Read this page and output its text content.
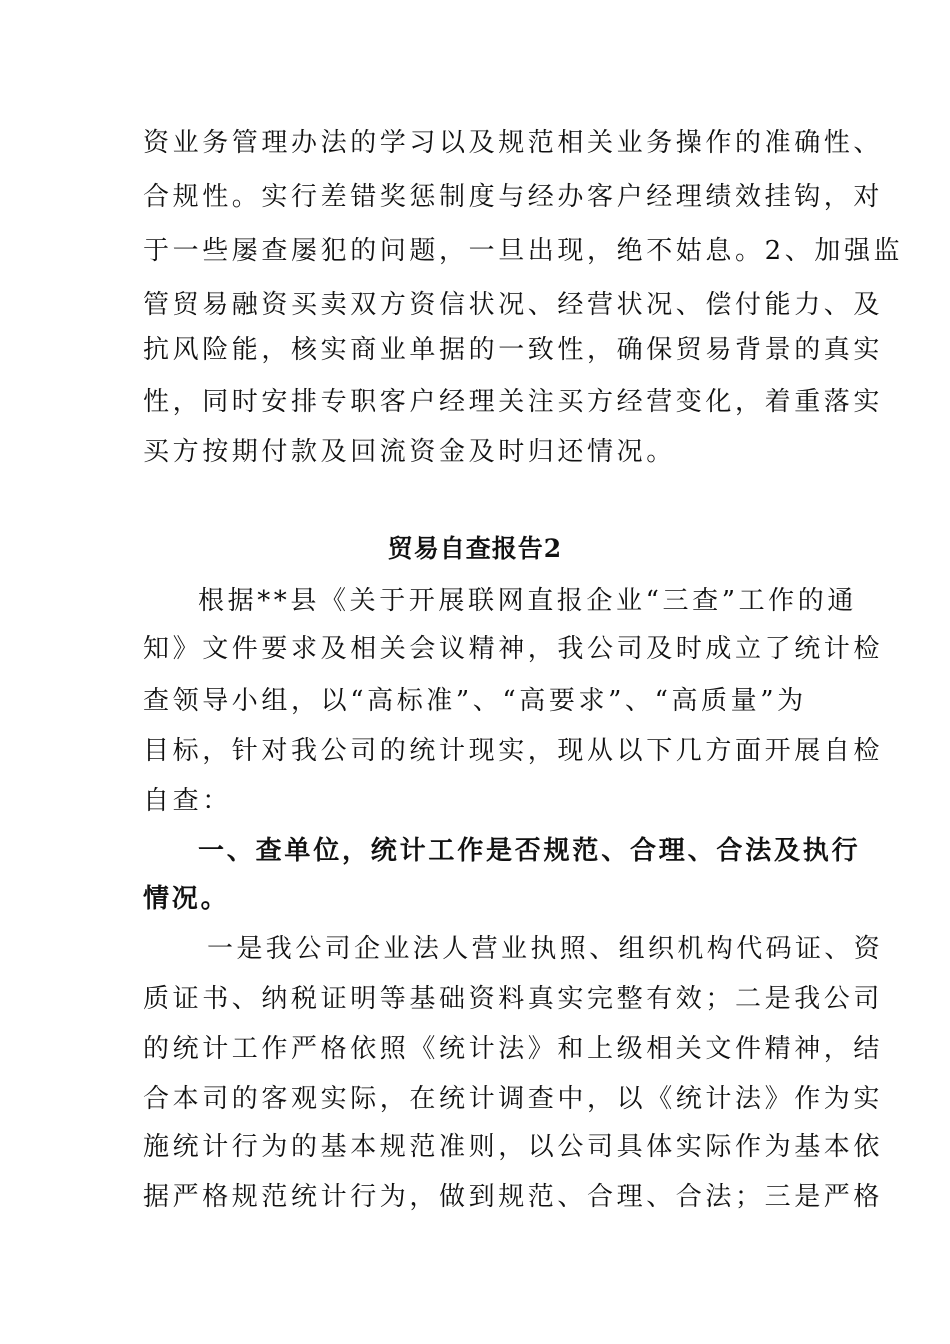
资业务管理办法的学习以及规范相关业务操作的准确性、
合规性。实行差错奖惩制度与经办客户经理绩效挂钩，对
于一些屡查屡犯的问题，一旦出现，绝不姑息。2、加强监
管贸易融资买卖双方资信状况、经营状况、偿付能力、及
抗风险能，核实商业单据的一致性，确保贸易背景的真实
性，同时安排专职客户经理关注买方经营变化，着重落实
买方按期付款及回流资金及时归还情况。
贸易自查报告2
根据**县《关于开展联网直报企业“三查”工作的通
知》文件要求及相关会议精神，我公司及时成立了统计检
查领导小组，以“高标准”、“高要求”、“高质量”为
目标，针对我公司的统计现实，现从以下几方面开展自检
自查：
一、查单位，统计工作是否规范、合理、合法及执行
情况。
一是我公司企业法人营业执照、组织机构代码证、资
质证书、纳税证明等基础资料真实完整有效；二是我公司
的统计工作严格依照《统计法》和上级相关文件精神，结
合本司的客观实际，在统计调查中，以《统计法》作为实
施统计行为的基本规范准则，以公司具体实际作为基本依
据严格规范统计行为，做到规范、合理、合法；三是严格
